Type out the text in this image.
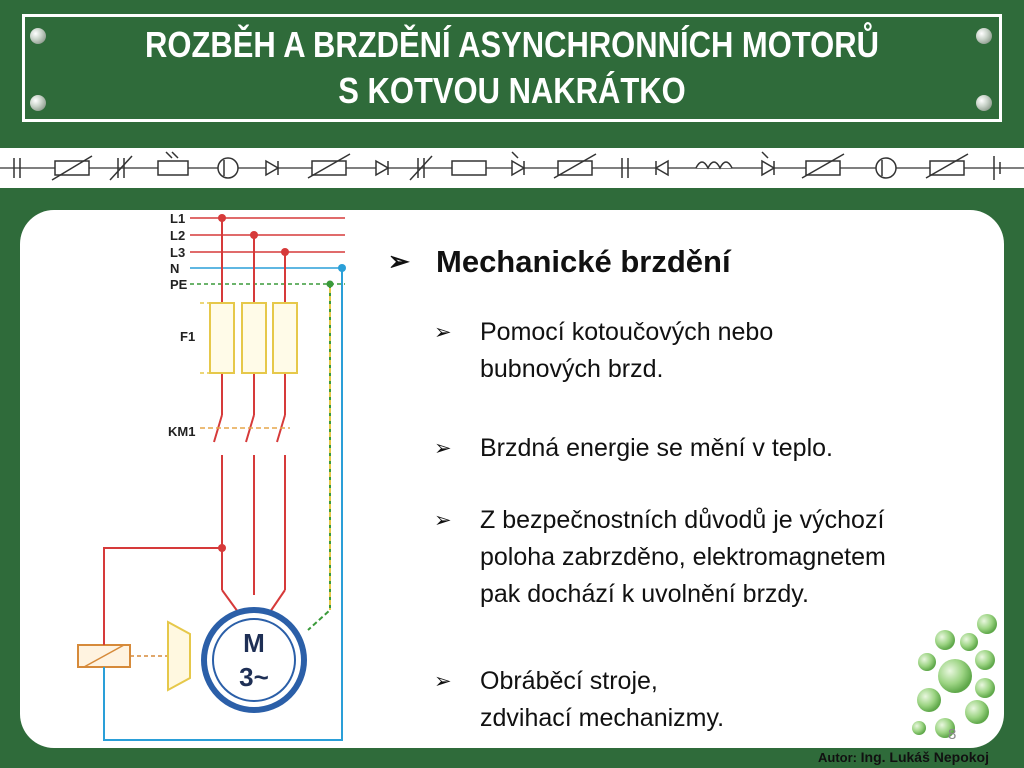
ROZBĚH A BRZDĚNÍ ASYNCHRONNÍCH MOTORŮ
S KOTVOU NAKRÁTKO
L1
L2
L3
N
PE
F1
KM1
M
3~
➢ Mechanické brzdění
➢ Pomocí kotoučových nebo
bubnových brzd.
➢ Brzdná energie se mění v teplo.
➢ Z bezpečnostních důvodů je výchozí
poloha zabrzděno, elektromagnetem
pak dochází k uvolnění brzdy.
➢ Obráběcí stroje,
zdvihací mechanizmy.
8
Autor: Ing. Lukáš Nepokoj
